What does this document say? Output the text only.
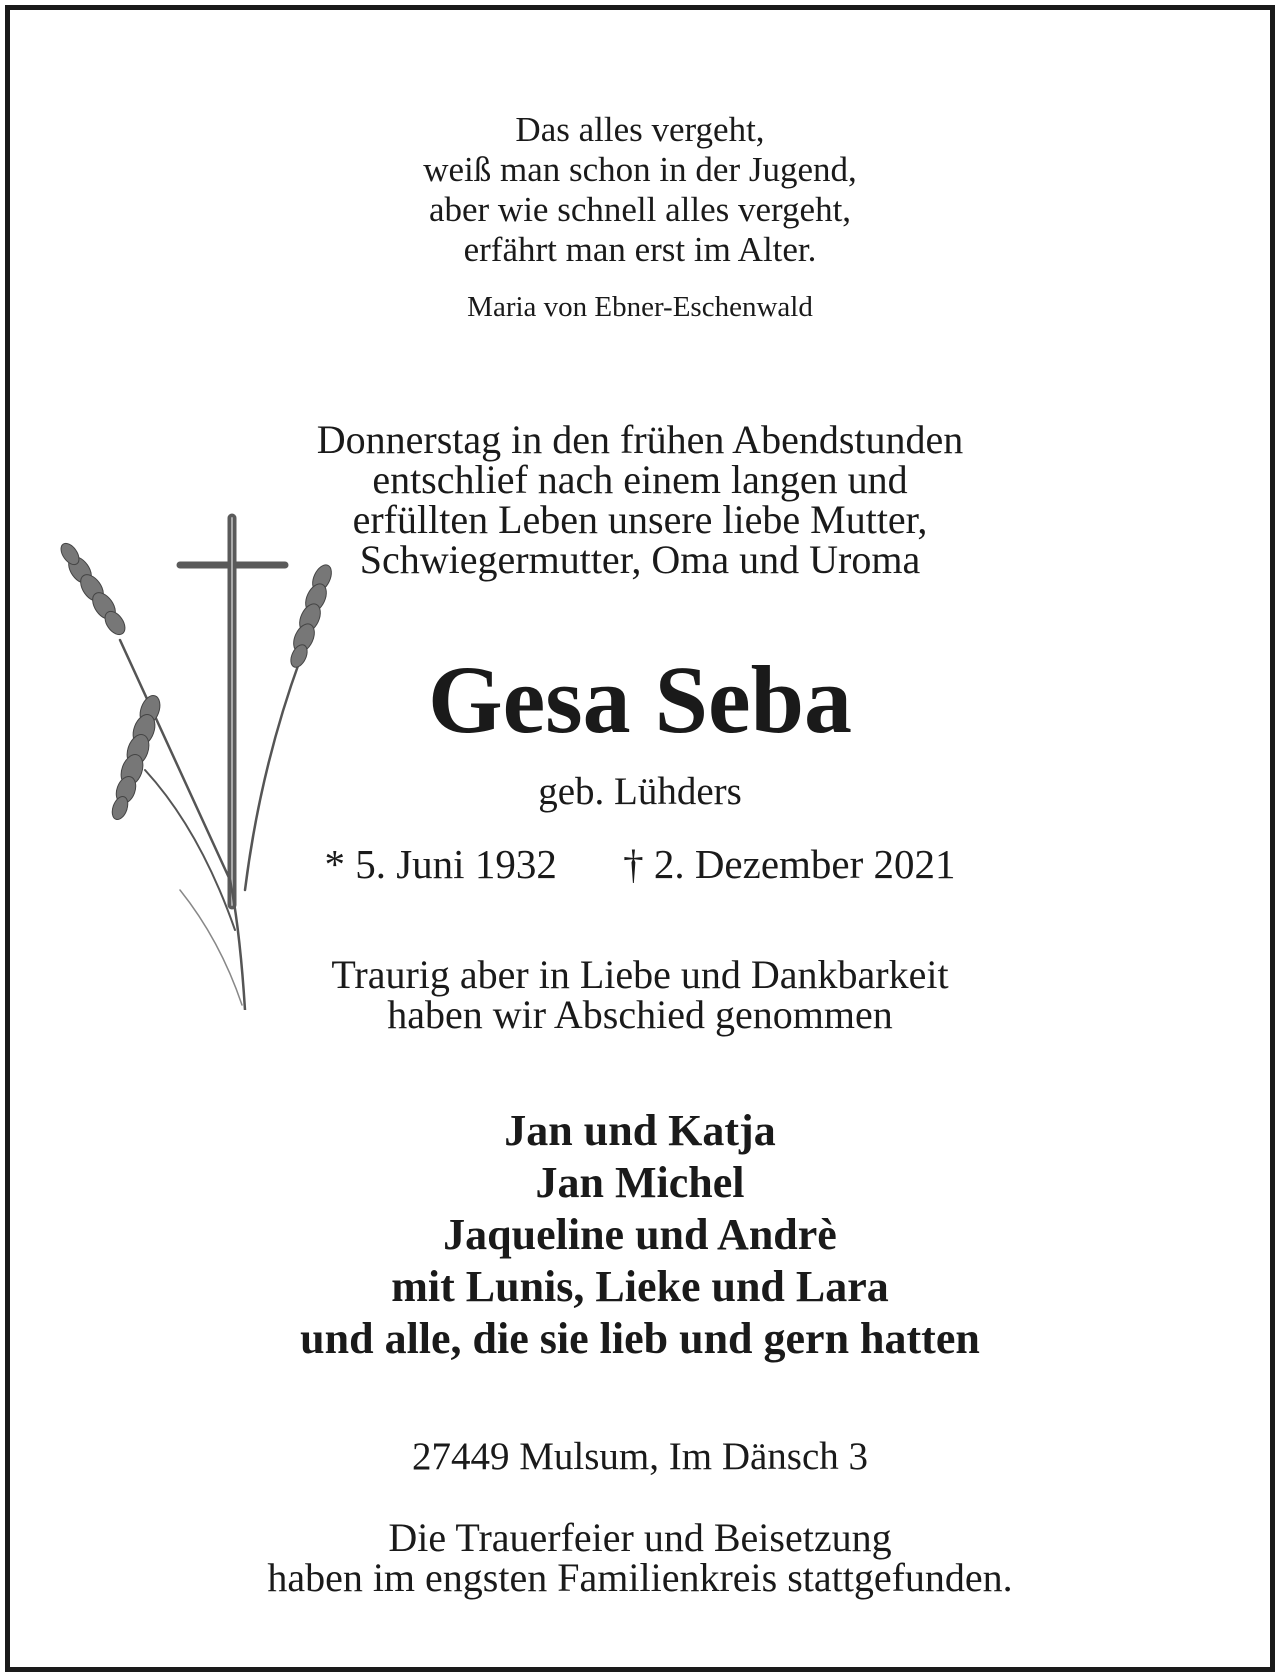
Das alles vergeht,
weiß man schon in der Jugend,
aber wie schnell alles vergeht,
erfährt man erst im Alter.
Maria von Ebner-Eschenwald
Donnerstag in den frühen Abendstunden
entschlief nach einem langen und
erfüllten Leben unsere liebe Mutter,
Schwiegermutter, Oma und Uroma
Gesa Seba
geb. Lühders
* 5. Juni 1932 † 2. Dezember 2021
Traurig aber in Liebe und Dankbarkeit
haben wir Abschied genommen
Jan und Katja
Jan Michel
Jaqueline und Andrè
mit Lunis, Lieke und Lara
und alle, die sie lieb und gern hatten
27449 Mulsum, Im Dänsch 3
Die Trauerfeier und Beisetzung
haben im engsten Familienkreis stattgefunden.
